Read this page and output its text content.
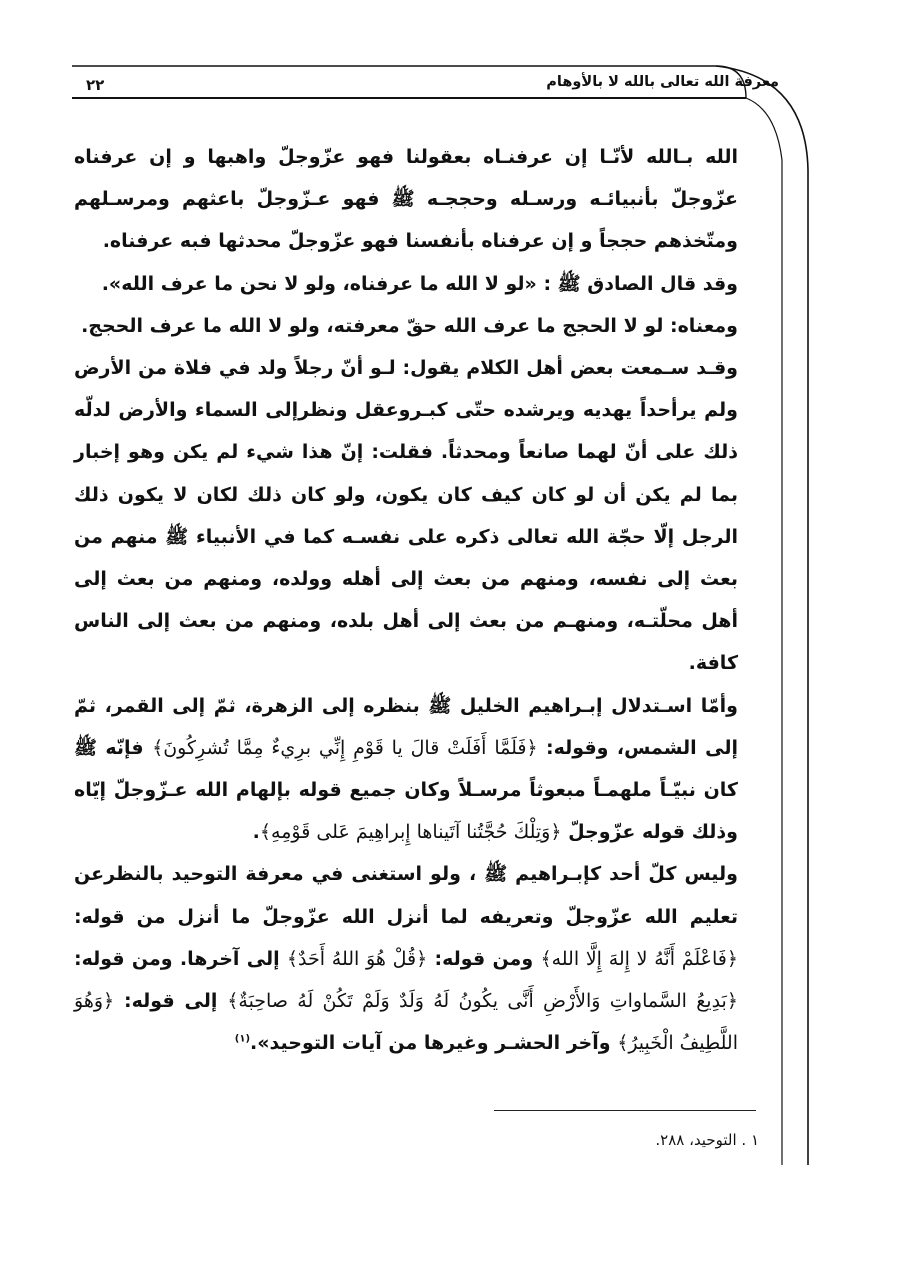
معرفة الله تعالى بالله لا بالأوهام
٢٢

الله بـالله لأنّـا إن عرفنـاه بعقولنا فهو عزّوجلّ واهبها و إن عرفناه عزّوجلّ بأنبيائـه ورسـله وحججـه ﷺ فهو عـزّوجلّ باعثهم ومرسـلهم ومتّخذهم حججاً و إن عرفناه بأنفسنا فهو عزّوجلّ محدثها فبه عرفناه.

وقد قال الصادق ﷺ : «لو لا الله ما عرفناه، ولو لا نحن ما عرف الله».

ومعناه: لو لا الحجج ما عرف الله حقّ معرفته، ولو لا الله ما عرف الحجج.

وقـد سـمعت بعض أهل الكلام يقول: لـو أنّ رجلاً ولد في فلاة من الأرض ولم يرأحداً يهديه ويرشده حتّى كبـروعقل ونظرإلى السماء والأرض لدلّه ذلك على أنّ لهما صانعاً ومحدثاً. فقلت: إنّ هذا شيء لم يكن وهو إخبار بما لم يكن أن لو كان كيف كان يكون، ولو كان ذلك لكان لا يكون ذلك الرجل إلّا حجّة الله تعالى ذكره على نفسـه كما في الأنبياء ﷺ منهم من بعث إلى نفسه، ومنهم من بعث إلى أهله وولده، ومنهم من بعث إلى أهل محلّتـه، ومنهـم من بعث إلى أهل بلده، ومنهم من بعث إلى الناس كافة.

وأمّا اسـتدلال إبـراهيم الخليل ﷺ بنظره إلى الزهرة، ثمّ إلى القمر، ثمّ إلى الشمس، وقوله: ﴿فَلَمَّا أَفَلَتْ قالَ يا قَوْمِ إِنِّي برِيءٌ مِمَّا تُشرِكُونَ﴾ فإنّه ﷺ كان نبيّـاً ملهمـاً مبعوثاً مرسـلاً وكان جميع قوله بإلهام الله عـزّوجلّ إيّاه وذلك قوله عزّوجلّ ﴿وَتِلْكَ حُجَّتُنا آتَيناها إِبراهِيمَ عَلى قَوْمِهِ﴾.

وليس كلّ أحد كإبـراهيم ﷺ ، ولو استغنى في معرفة التوحيد بالنظرعن تعليم الله عزّوجلّ وتعريفه لما أنزل الله عزّوجلّ ما أنزل من قوله: ﴿فَاعْلَمْ أَنَّهُ لا إِلهَ إِلَّا الله﴾ ومن قوله: ﴿قُلْ هُوَ اللهُ أَحَدٌ﴾ إلى آخرها. ومن قوله: ﴿بَدِيعُ السَّماواتِ وَالأَرْضِ أَنَّى يكُونُ لَهُ وَلَدٌ وَلَمْ تَكُنْ لَهُ صاحِبَةٌ﴾ إلى قوله: ﴿وَهُوَ اللَّطِيفُ الْخَبِيرُ﴾ وآخر الحشـر وغيرها من آيات التوحيد».$^{(١)}$

١ . التوحيد، ٢٨٨.
